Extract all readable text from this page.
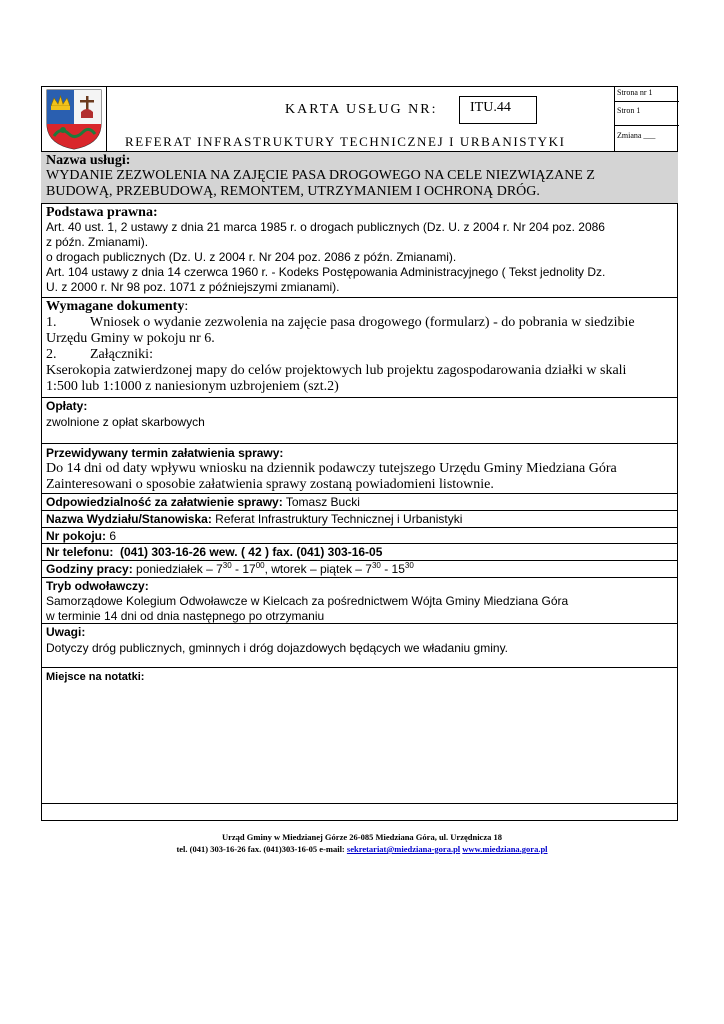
KARTA USŁUG NR:	ITU.44
REFERAT INFRASTRUKTURY TECHNICZNEJ I URBANISTYKI
Strona nr 1
Stron 1
Zmiana ___
Nazwa usługi:
WYDANIE ZEZWOLENIA NA ZAJĘCIE PASA DROGOWEGO NA CELE NIEZWIĄZANE Z
BUDOWĄ, PRZEBUDOWĄ, REMONTEM, UTRZYMANIEM I OCHRONĄ DRÓG.
Podstawa prawna:
Art. 40 ust. 1, 2 ustawy z dnia 21 marca 1985 r. o drogach publicznych (Dz. U. z 2004 r. Nr 204 poz. 2086
z późn. Zmianami).
o drogach publicznych (Dz. U. z 2004 r. Nr 204 poz. 2086 z późn. Zmianami).
Art. 104 ustawy z dnia 14 czerwca 1960 r. - Kodeks Postępowania Administracyjnego ( Tekst jednolity Dz.
U. z 2000 r. Nr 98 poz. 1071 z późniejszymi zmianami).
Wymagane dokumenty:
1. Wniosek o wydanie zezwolenia na zajęcie pasa drogowego (formularz) - do pobrania w siedzibie
Urzędu Gminy w pokoju nr 6.
2. Załączniki:
Kserokopia zatwierdzonej mapy do celów projektowych lub projektu zagospodarowania działki w skali
1:500 lub 1:1000 z naniesionym uzbrojeniem (szt.2)
Opłaty:
zwolnione z opłat skarbowych
Przewidywany termin załatwienia sprawy:
Do 14 dni od daty wpływu wniosku na dziennik podawczy tutejszego Urzędu Gminy Miedziana Góra
Zainteresowani o sposobie załatwienia sprawy zostaną powiadomieni listownie.
Odpowiedzialność za załatwienie sprawy: Tomasz Bucki
Nazwa Wydziału/Stanowiska: Referat Infrastruktury Technicznej i Urbanistyki
Nr pokoju: 6
Nr telefonu: (041) 303-16-26 wew. ( 42 ) fax. (041) 303-16-05
Godziny pracy: poniedziałek – $7^{30} - 17^{00}$, wtorek – piątek – $7^{30} - 15^{30}$
Tryb odwoławczy:
Samorządowe Kolegium Odwoławcze w Kielcach za pośrednictwem Wójta Gminy Miedziana Góra
w terminie 14 dni od dnia następnego po otrzymaniu
Uwagi:
Dotyczy dróg publicznych, gminnych i dróg dojazdowych będących we władaniu gminy.
Miejsce na notatki:
Urząd Gminy w Miedzianej Górze 26-085 Miedziana Góra, ul. Urzędnicza 18
tel. (041) 303-16-26 fax. (041)303-16-05 e-mail: sekretariat@miedziana-gora.pl www.miedziana.gora.pl
